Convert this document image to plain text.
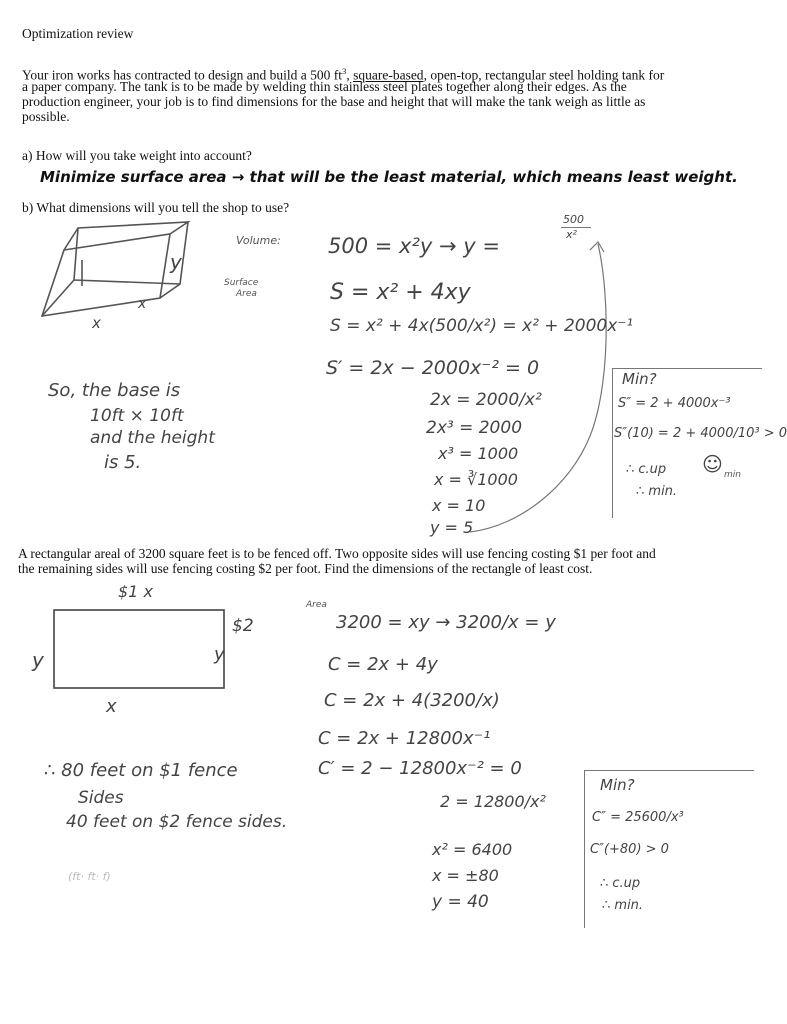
Optimization review
Your iron works has contracted to design and build a 500 $ft^3$, square-based, open-top, rectangular steel holding tank for
a paper company. The tank is to be made by welding thin stainless steel plates together along their edges. As the
production engineer, your job is to find dimensions for the base and height that will make the tank weigh as little as
possible.
a) How will you take weight into account?
Minimize surface area → that will be the least material, which means least weight.
b) What dimensions will you tell the shop to use?
y
x
x
Volume:
Surface
Area
500 = x²y → y =
500
x²
S = x² + 4xy
S = x² + 4x(500/x²) = x² + 2000x⁻¹
S′ = 2x − 2000x⁻² = 0
2x = 2000/x²
2x³ = 2000
x³ = 1000
x = ∛1000
x = 10
y = 5
So, the base is
10ft × 10ft
and the height
is 5.
Min?
S″ = 2 + 4000x⁻³
S″(10) = 2 + 4000/10³ > 0
∴ c.up ☺ min
∴ min.
A rectangular areal of 3200 square feet is to be fenced off. Two opposite sides will use fencing costing $1 per foot and
the remaining sides will use fencing costing $2 per foot. Find the dimensions of the rectangle of least cost.
$1 x
$2
y
y
x
Area
3200 = xy → 3200/x = y
C = 2x + 4y
C = 2x + 4(3200/x)
C = 2x + 12800x⁻¹
C′ = 2 − 12800x⁻² = 0
2 = 12800/x²
x² = 6400
x = ±80
y = 40
∴ 80 feet on $1 fence
Sides
40 feet on $2 fence sides.
(ft· ft· f)
Min?
C″ = 25600/x³
C″(+80) > 0
∴ c.up
∴ min.
